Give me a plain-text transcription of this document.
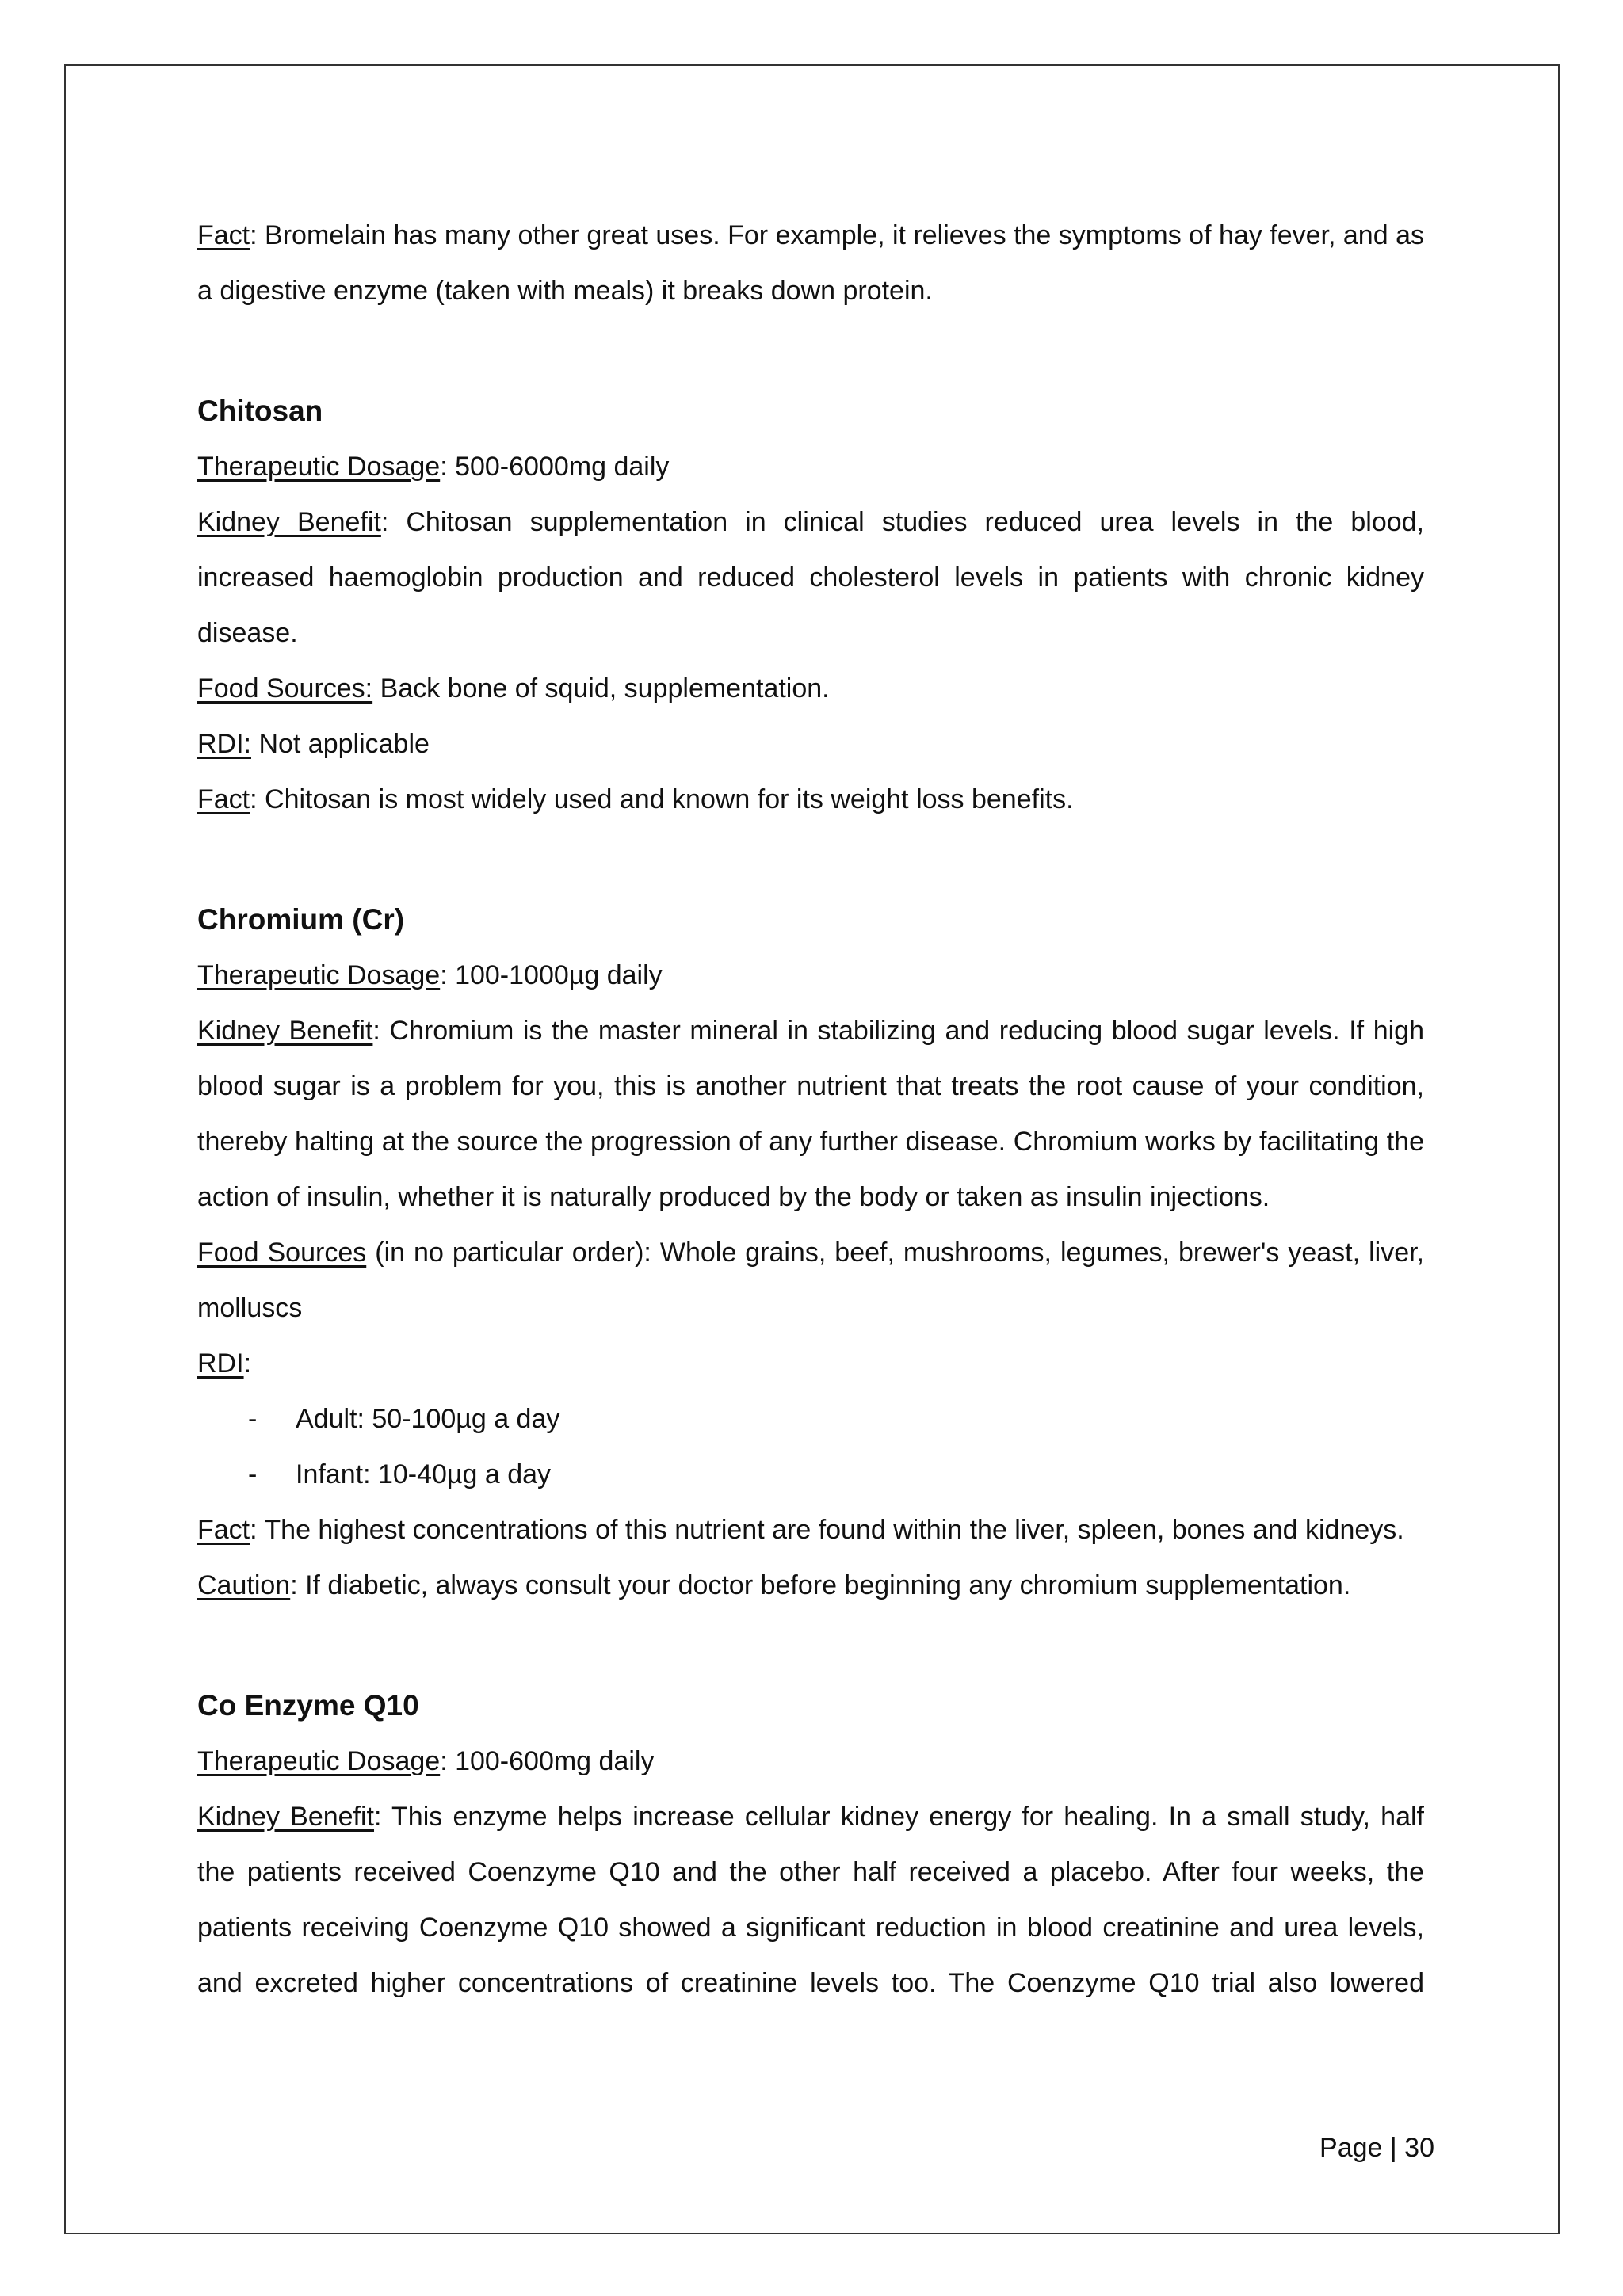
Fact: Bromelain has many other great uses. For example, it relieves the symptoms of hay fever, and as a digestive enzyme (taken with meals) it breaks down protein.

Chitosan

Therapeutic Dosage: 500-6000mg daily

Kidney Benefit: Chitosan supplementation in clinical studies reduced urea levels in the blood, increased haemoglobin production and reduced cholesterol levels in patients with chronic kidney disease.

Food Sources: Back bone of squid, supplementation.

RDI: Not applicable

Fact: Chitosan is most widely used and known for its weight loss benefits.

Chromium (Cr)

Therapeutic Dosage: 100-1000µg daily

Kidney Benefit: Chromium is the master mineral in stabilizing and reducing blood sugar levels. If high blood sugar is a problem for you, this is another nutrient that treats the root cause of your condition, thereby halting at the source the progression of any further disease. Chromium works by facilitating the action of insulin, whether it is naturally produced by the body or taken as insulin injections.

Food Sources (in no particular order): Whole grains, beef, mushrooms, legumes, brewer's yeast, liver, molluscs

RDI:

- Adult: 50-100µg a day

- Infant: 10-40µg a day

Fact: The highest concentrations of this nutrient are found within the liver, spleen, bones and kidneys.

Caution: If diabetic, always consult your doctor before beginning any chromium supplementation.

Co Enzyme Q10

Therapeutic Dosage: 100-600mg daily

Kidney Benefit: This enzyme helps increase cellular kidney energy for healing. In a small study, half the patients received Coenzyme Q10 and the other half received a placebo. After four weeks, the patients receiving Coenzyme Q10 showed a significant reduction in blood creatinine and urea levels, and excreted higher concentrations of creatinine levels too. The Coenzyme Q10 trial also lowered

Page | 30
